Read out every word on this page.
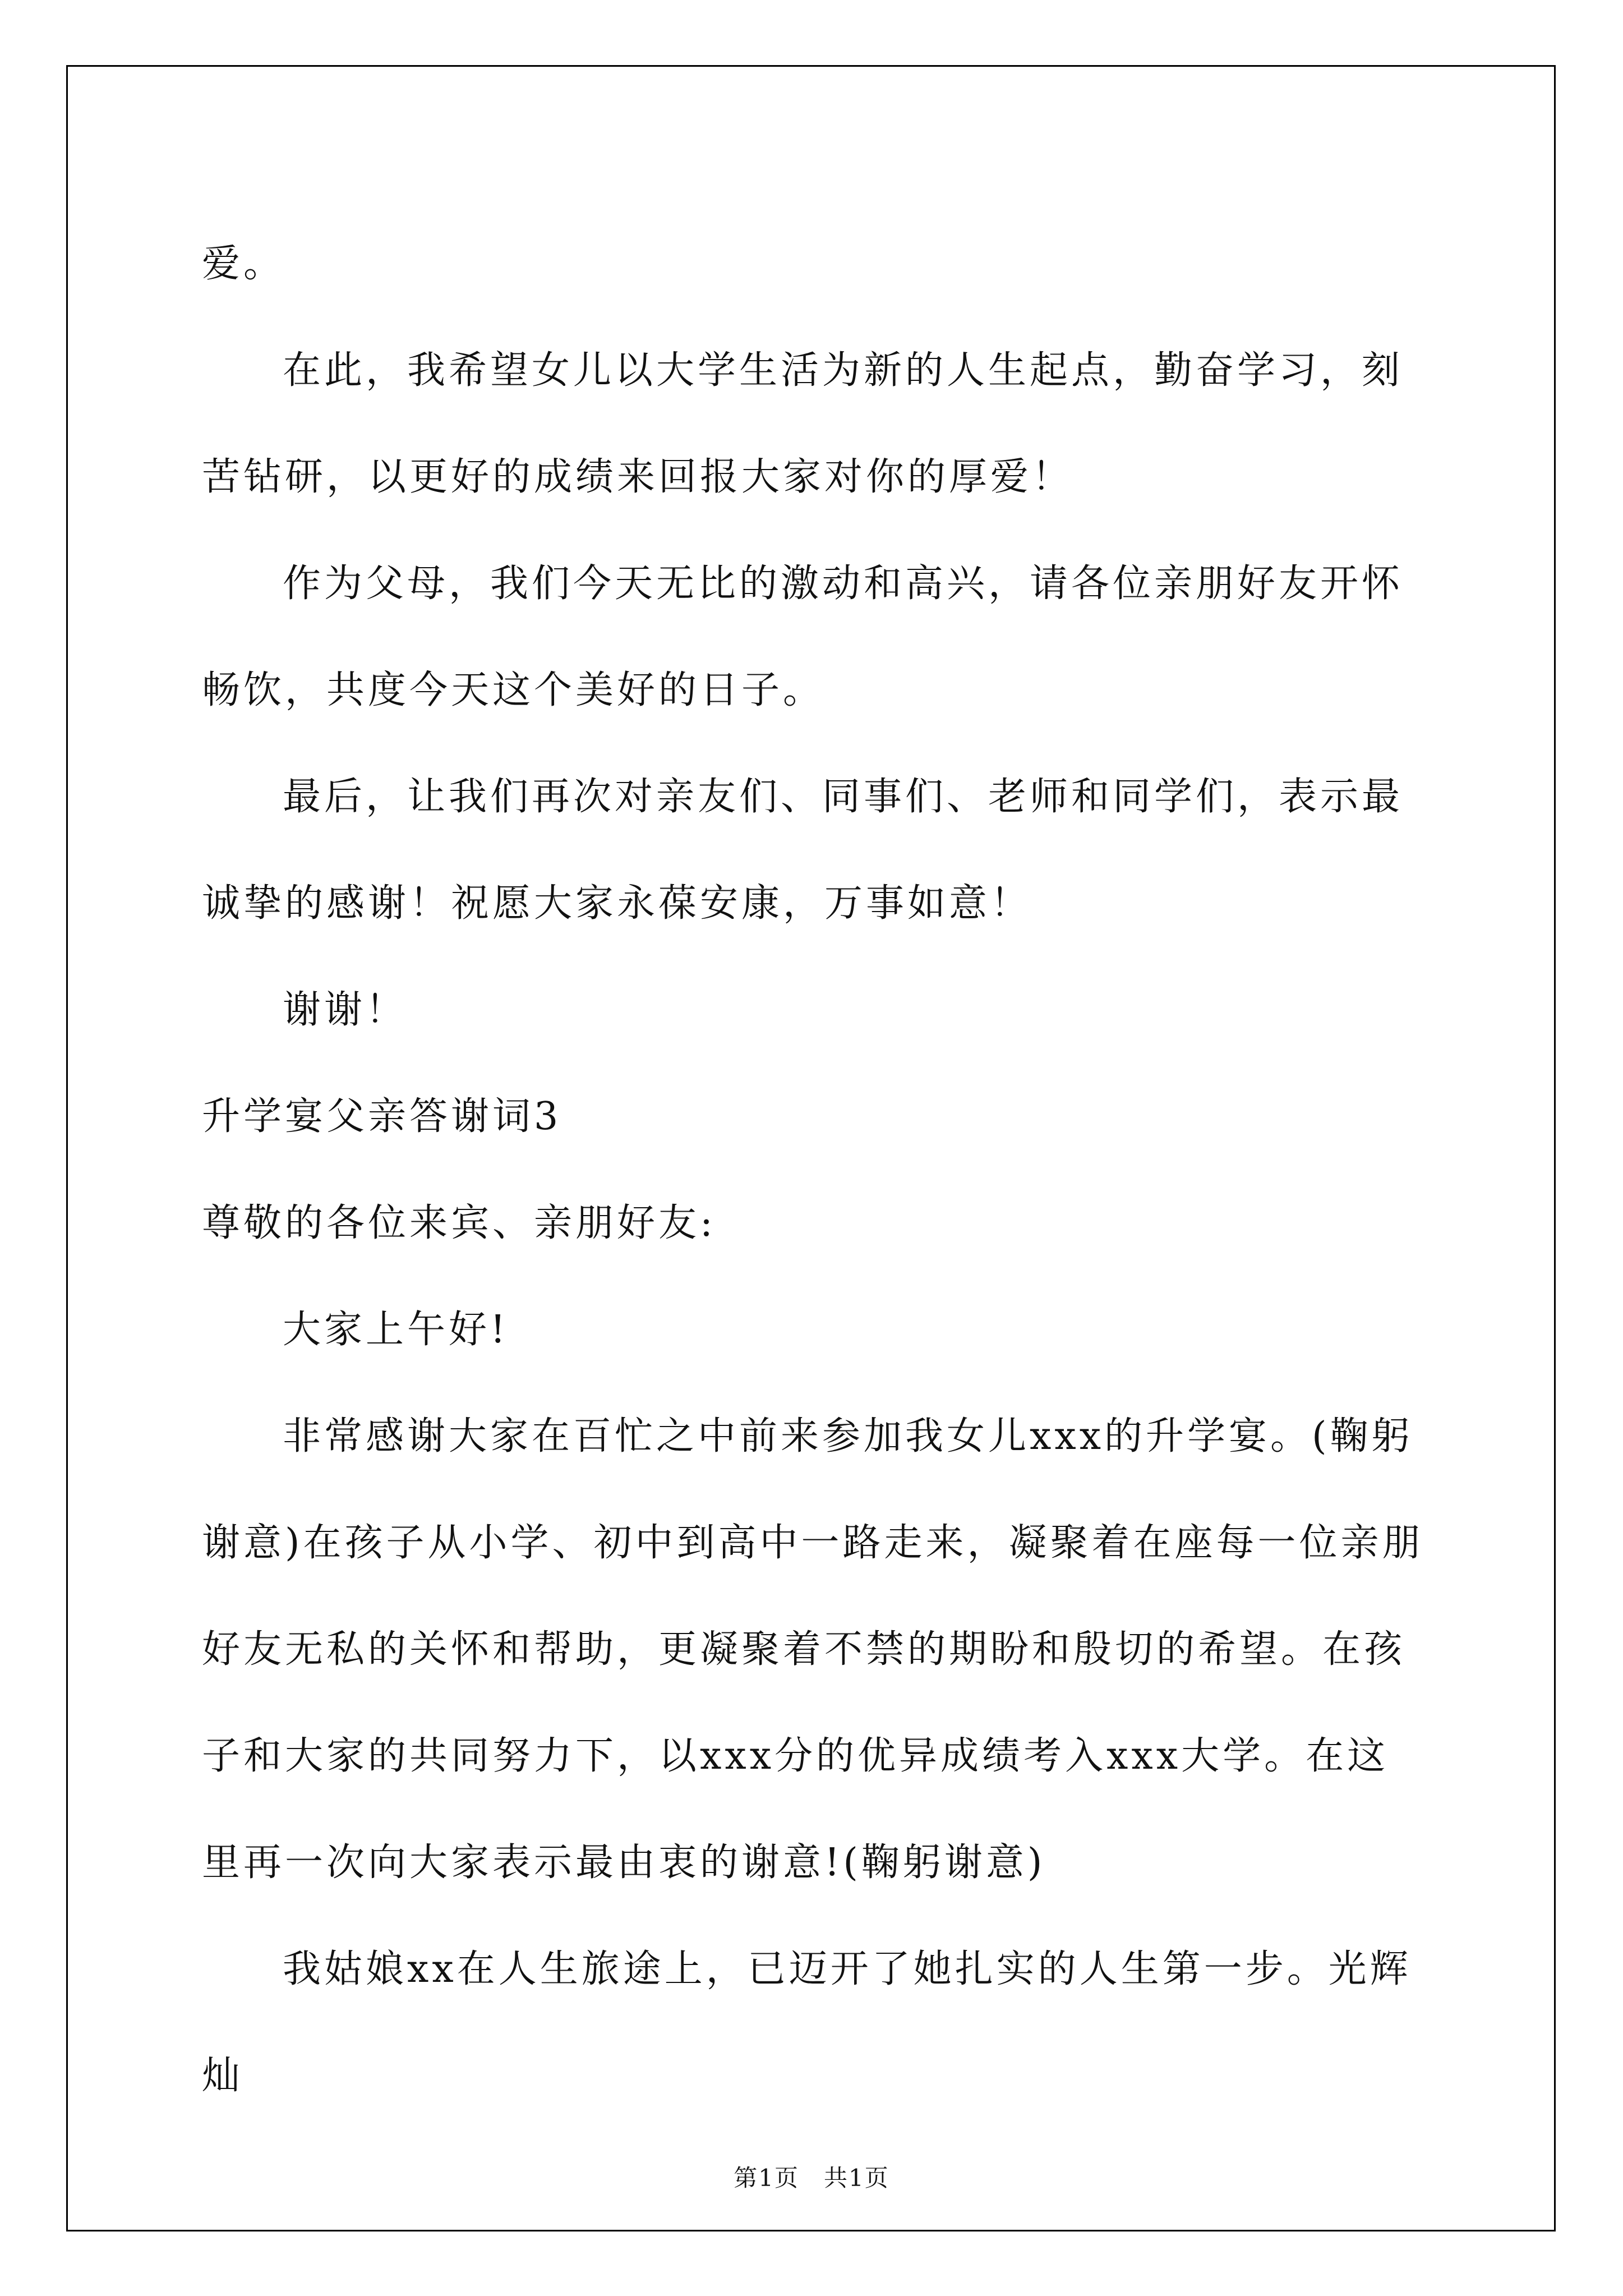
爱。

在此，我希望女儿以大学生活为新的人生起点，勤奋学习，刻苦钻研，以更好的成绩来回报大家对你的厚爱！

作为父母，我们今天无比的激动和高兴，请各位亲朋好友开怀畅饮，共度今天这个美好的日子。

最后，让我们再次对亲友们、同事们、老师和同学们，表示最诚挚的感谢！祝愿大家永葆安康，万事如意！

谢谢！

升学宴父亲答谢词3

尊敬的各位来宾、亲朋好友:

大家上午好!

非常感谢大家在百忙之中前来参加我女儿xxx的升学宴。(鞠躬谢意)在孩子从小学、初中到高中一路走来，凝聚着在座每一位亲朋好友无私的关怀和帮助，更凝聚着不禁的期盼和殷切的希望。在孩子和大家的共同努力下，以xxx分的优异成绩考入xxx大学。在这里再一次向大家表示最由衷的谢意!(鞠躬谢意)

我姑娘xx在人生旅途上，已迈开了她扎实的人生第一步。光辉灿

第1页 共1页
